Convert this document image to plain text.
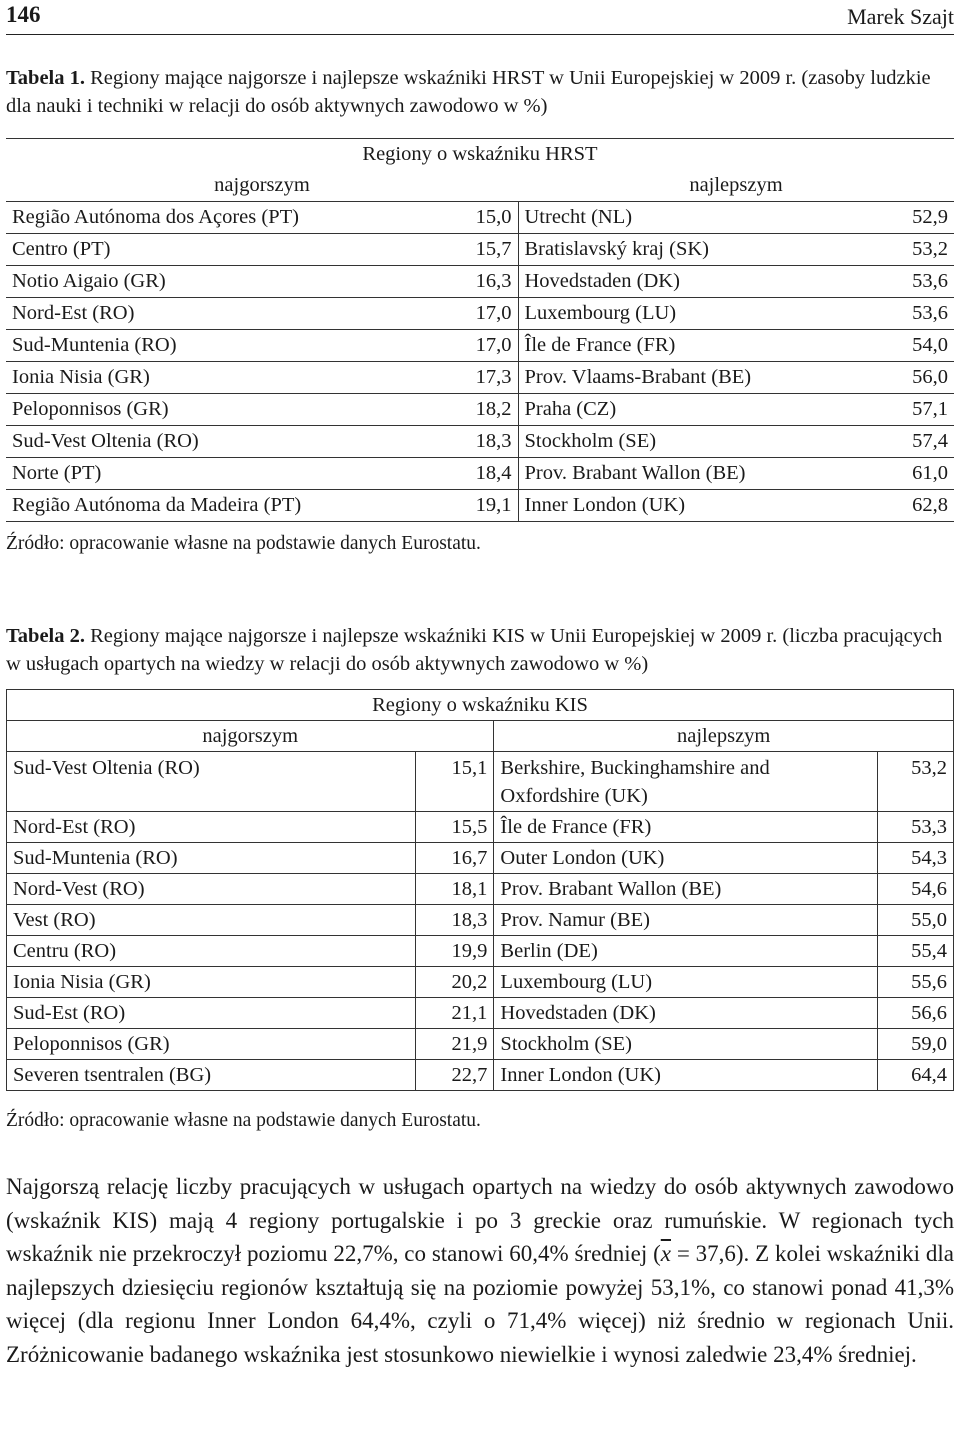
146	Marek Szajt
Tabela 1. Regiony mające najgorsze i najlepsze wskaźniki HRST w Unii Europejskiej w 2009 r. (zasoby ludzkie dla nauki i techniki w relacji do osób aktywnych zawodowo w %)
Regiony o wskaźniku HRST			
najgorszym		najlepszym	
Região Autónoma dos Açores (PT)	15,0	Utrecht (NL)	52,9
Centro (PT)	15,7	Bratislavský kraj (SK)	53,2
Notio Aigaio (GR)	16,3	Hovedstaden (DK)	53,6
Nord-Est (RO)	17,0	Luxembourg (LU)	53,6
Sud-Muntenia (RO)	17,0	Île de France (FR)	54,0
Ionia Nisia (GR)	17,3	Prov. Vlaams-Brabant (BE)	56,0
Peloponnisos (GR)	18,2	Praha (CZ)	57,1
Sud-Vest Oltenia (RO)	18,3	Stockholm (SE)	57,4
Norte (PT)	18,4	Prov. Brabant Wallon (BE)	61,0
Região Autónoma da Madeira (PT)	19,1	Inner London (UK)	62,8
Źródło: opracowanie własne na podstawie danych Eurostatu.
Tabela 2. Regiony mające najgorsze i najlepsze wskaźniki KIS w Unii Europejskiej w 2009 r. (liczba pracujących w usługach opartych na wiedzy w relacji do osób aktywnych zawodowo w %)
Regiony o wskaźniku KIS			
najgorszym		najlepszym	
Sud-Vest Oltenia (RO)	15,1	Berkshire, Buckinghamshire and Oxfordshire (UK)	53,2
Nord-Est (RO)	15,5	Île de France (FR)	53,3
Sud-Muntenia (RO)	16,7	Outer London (UK)	54,3
Nord-Vest (RO)	18,1	Prov. Brabant Wallon (BE)	54,6
Vest (RO)	18,3	Prov. Namur (BE)	55,0
Centru (RO)	19,9	Berlin (DE)	55,4
Ionia Nisia (GR)	20,2	Luxembourg (LU)	55,6
Sud-Est (RO)	21,1	Hovedstaden (DK)	56,6
Peloponnisos (GR)	21,9	Stockholm (SE)	59,0
Severen tsentralen (BG)	22,7	Inner London (UK)	64,4
Źródło: opracowanie własne na podstawie danych Eurostatu.
Najgorszą relację liczby pracujących w usługach opartych na wiedzy do osób aktywnych zawodowo (wskaźnik KIS) mają 4 regiony portugalskie i po 3 greckie oraz rumuńskie. W regionach tych wskaźnik nie przekroczył poziomu 22,7%, co stanowi 60,4% średniej $(\overline{x} = 37,6)$. Z kolei wskaźniki dla najlepszych dziesięciu regionów kształtują się na poziomie powyżej 53,1%, co stanowi ponad 41,3% więcej (dla regionu Inner London 64,4%, czyli o 71,4% więcej) niż średnio w regionach Unii. Zróżnicowanie badanego wskaźnika jest stosunkowo niewielkie i wynosi zaledwie 23,4% średniej.
